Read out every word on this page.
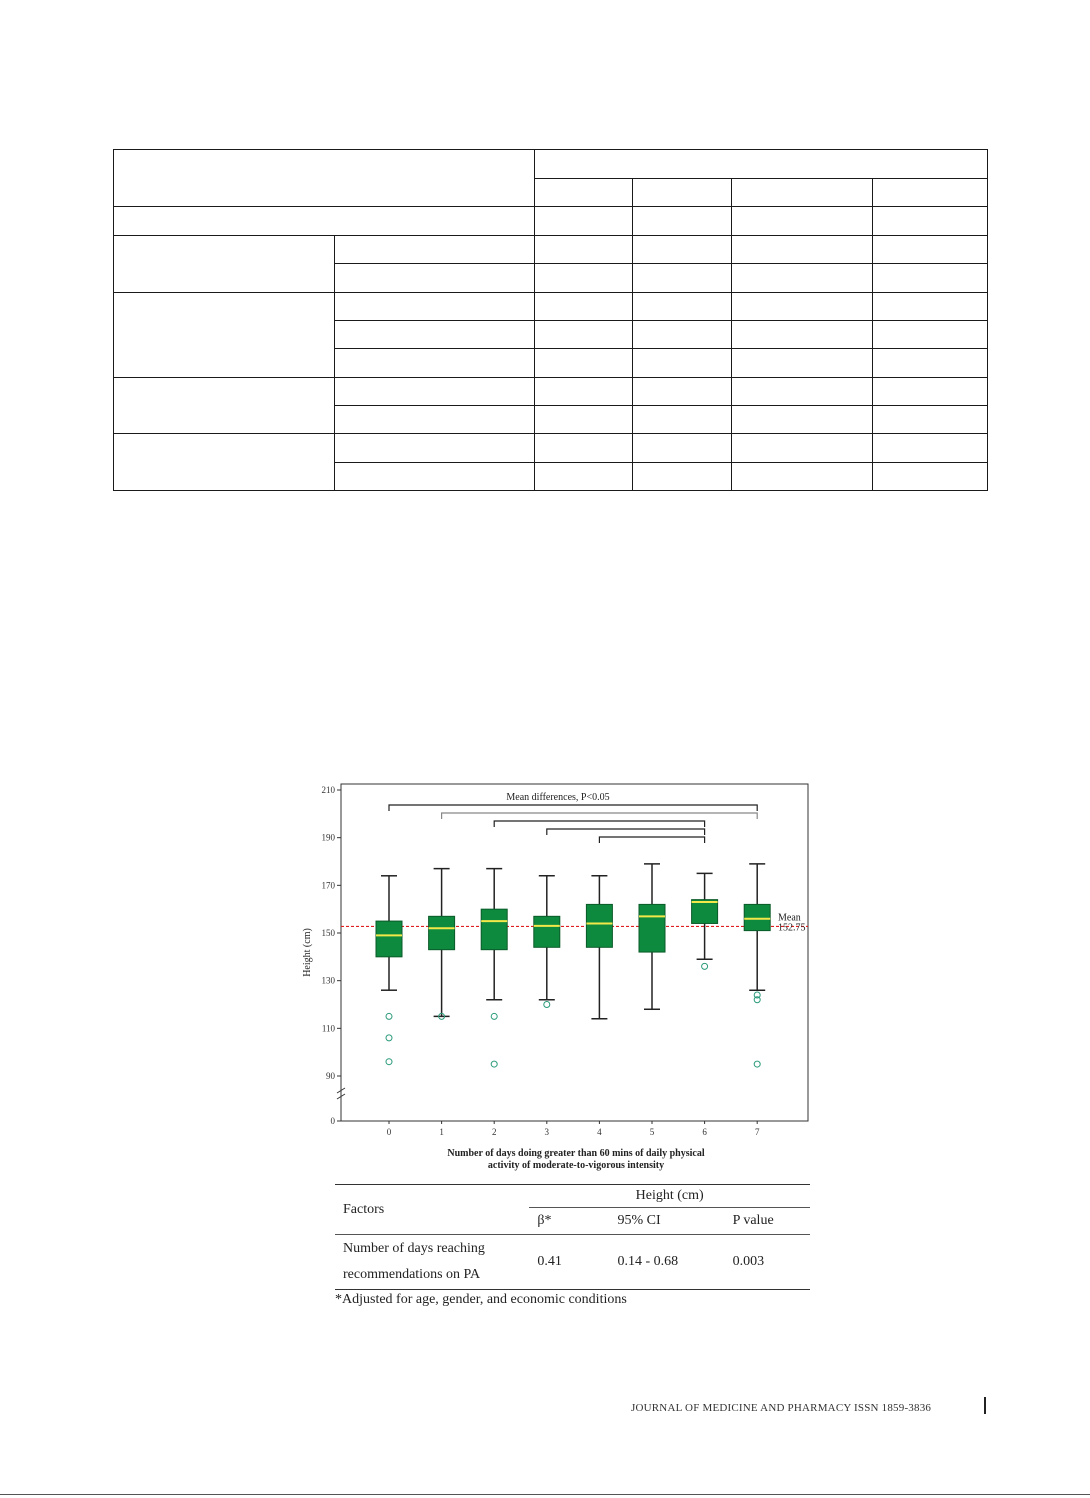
0
90
110
130
150
170
190
210
Height (cm)
0	1	2	3	4	5	6	7
Number of days doing greater than 60 mins of daily physical
activity of moderate-to-vigorous intensity
Mean
152.75
Mean differences, P<0.05
Factors	Height (cm)		
	β*	95% CI	P value

Number of days reaching
recommendations on PA	0.41	0.14 - 0.68	0.003
*Adjusted for age, gender, and economic conditions
JOURNAL OF MEDICINE AND PHARMACY ISSN 1859-3836
